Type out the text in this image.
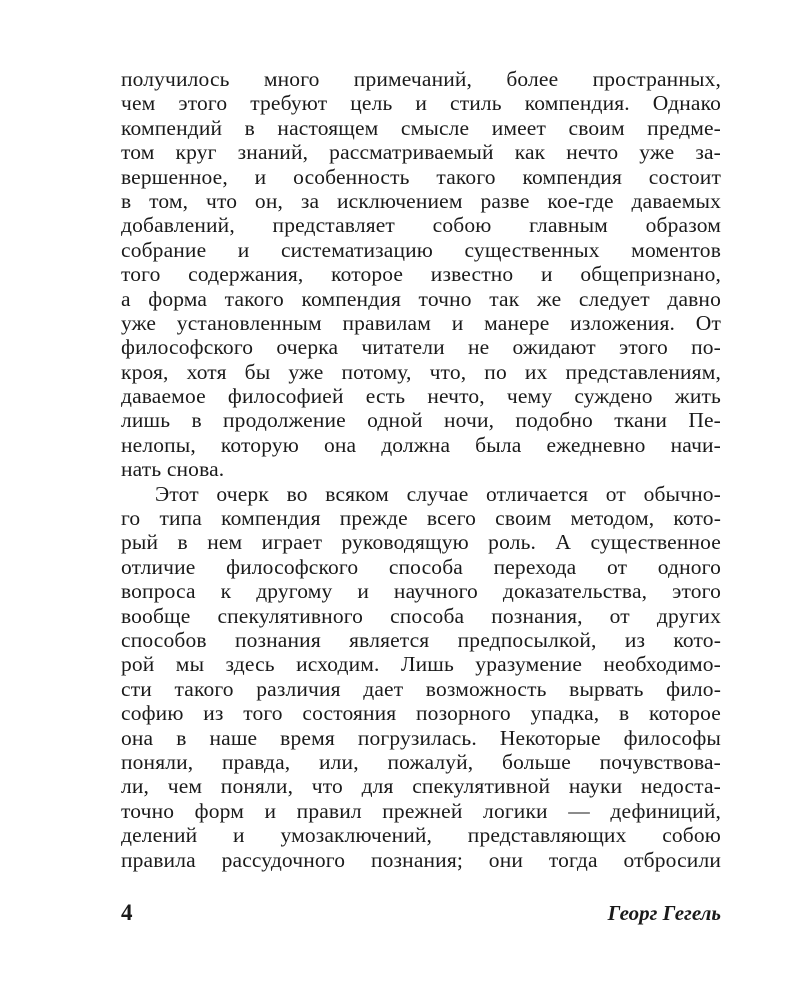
получилось много примечаний, более пространных,
чем этого требуют цель и стиль компендия. Однако
компендий в настоящем смысле имеет своим предме-
том круг знаний, рассматриваемый как нечто уже за-
вершенное, и особенность такого компендия состоит
в том, что он, за исключением разве кое-где даваемых
добавлений, представляет собою главным образом
собрание и систематизацию существенных моментов
того содержания, которое известно и общепризнано,
а форма такого компендия точно так же следует давно
уже установленным правилам и манере изложения. От
философского очерка читатели не ожидают этого по-
кроя, хотя бы уже потому, что, по их представлениям,
даваемое философией есть нечто, чему суждено жить
лишь в продолжение одной ночи, подобно ткани Пе-
нелопы, которую она должна была ежедневно начи-
нать снова.
Этот очерк во всяком случае отличается от обычно-
го типа компендия прежде всего своим методом, кото-
рый в нем играет руководящую роль. А существенное
отличие философского способа перехода от одного
вопроса к другому и научного доказательства, этого
вообще спекулятивного способа познания, от других
способов познания является предпосылкой, из кото-
рой мы здесь исходим. Лишь уразумение необходимо-
сти такого различия дает возможность вырвать фило-
софию из того состояния позорного упадка, в которое
она в наше время погрузилась. Некоторые философы
поняли, правда, или, пожалуй, больше почувствова-
ли, чем поняли, что для спекулятивной науки недоста-
точно форм и правил прежней логики — дефиниций,
делений и умозаключений, представляющих собою
правила рассудочного познания; они тогда отбросили
4	Георг Гегель
